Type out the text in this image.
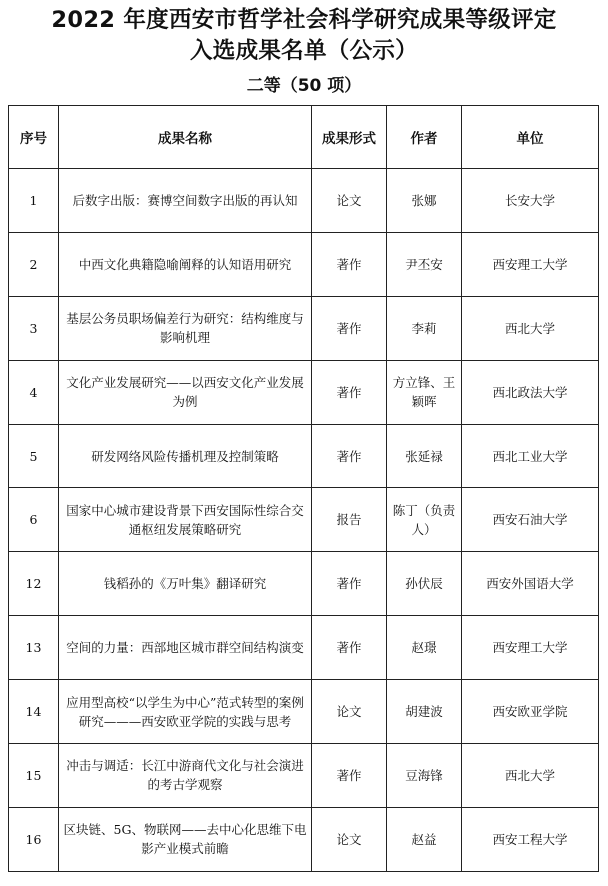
2022 年度西安市哲学社会科学研究成果等级评定
入选成果名单（公示）
二等（50 项）
序号	成果名称	成果形式	作者	单位
1	后数字出版：赛博空间数字出版的再认知	论文	张娜	长安大学
2	中西文化典籍隐喻阐释的认知语用研究	著作	尹丕安	西安理工大学
3	基层公务员职场偏差行为研究：结构维度与影响机理	著作	李莉	西北大学
4	文化产业发展研究——以西安文化产业发展为例	著作	方立锋、王颖晖	西北政法大学
5	研发网络风险传播机理及控制策略	著作	张延禄	西北工业大学
6	国家中心城市建设背景下西安国际性综合交通枢纽发展策略研究	报告	陈丁（负责人）	西安石油大学
12	钱稻孙的《万叶集》翻译研究	著作	孙伏辰	西安外国语大学
13	空间的力量：西部地区城市群空间结构演变	著作	赵璟	西安理工大学
14	应用型高校“以学生为中心”范式转型的案例研究———西安欧亚学院的实践与思考	论文	胡建波	西安欧亚学院
15	冲击与调适：长江中游商代文化与社会演进的考古学观察	著作	豆海锋	西北大学
16	区块链、5G、物联网——去中心化思维下电影产业模式前瞻	论文	赵益	西安工程大学
